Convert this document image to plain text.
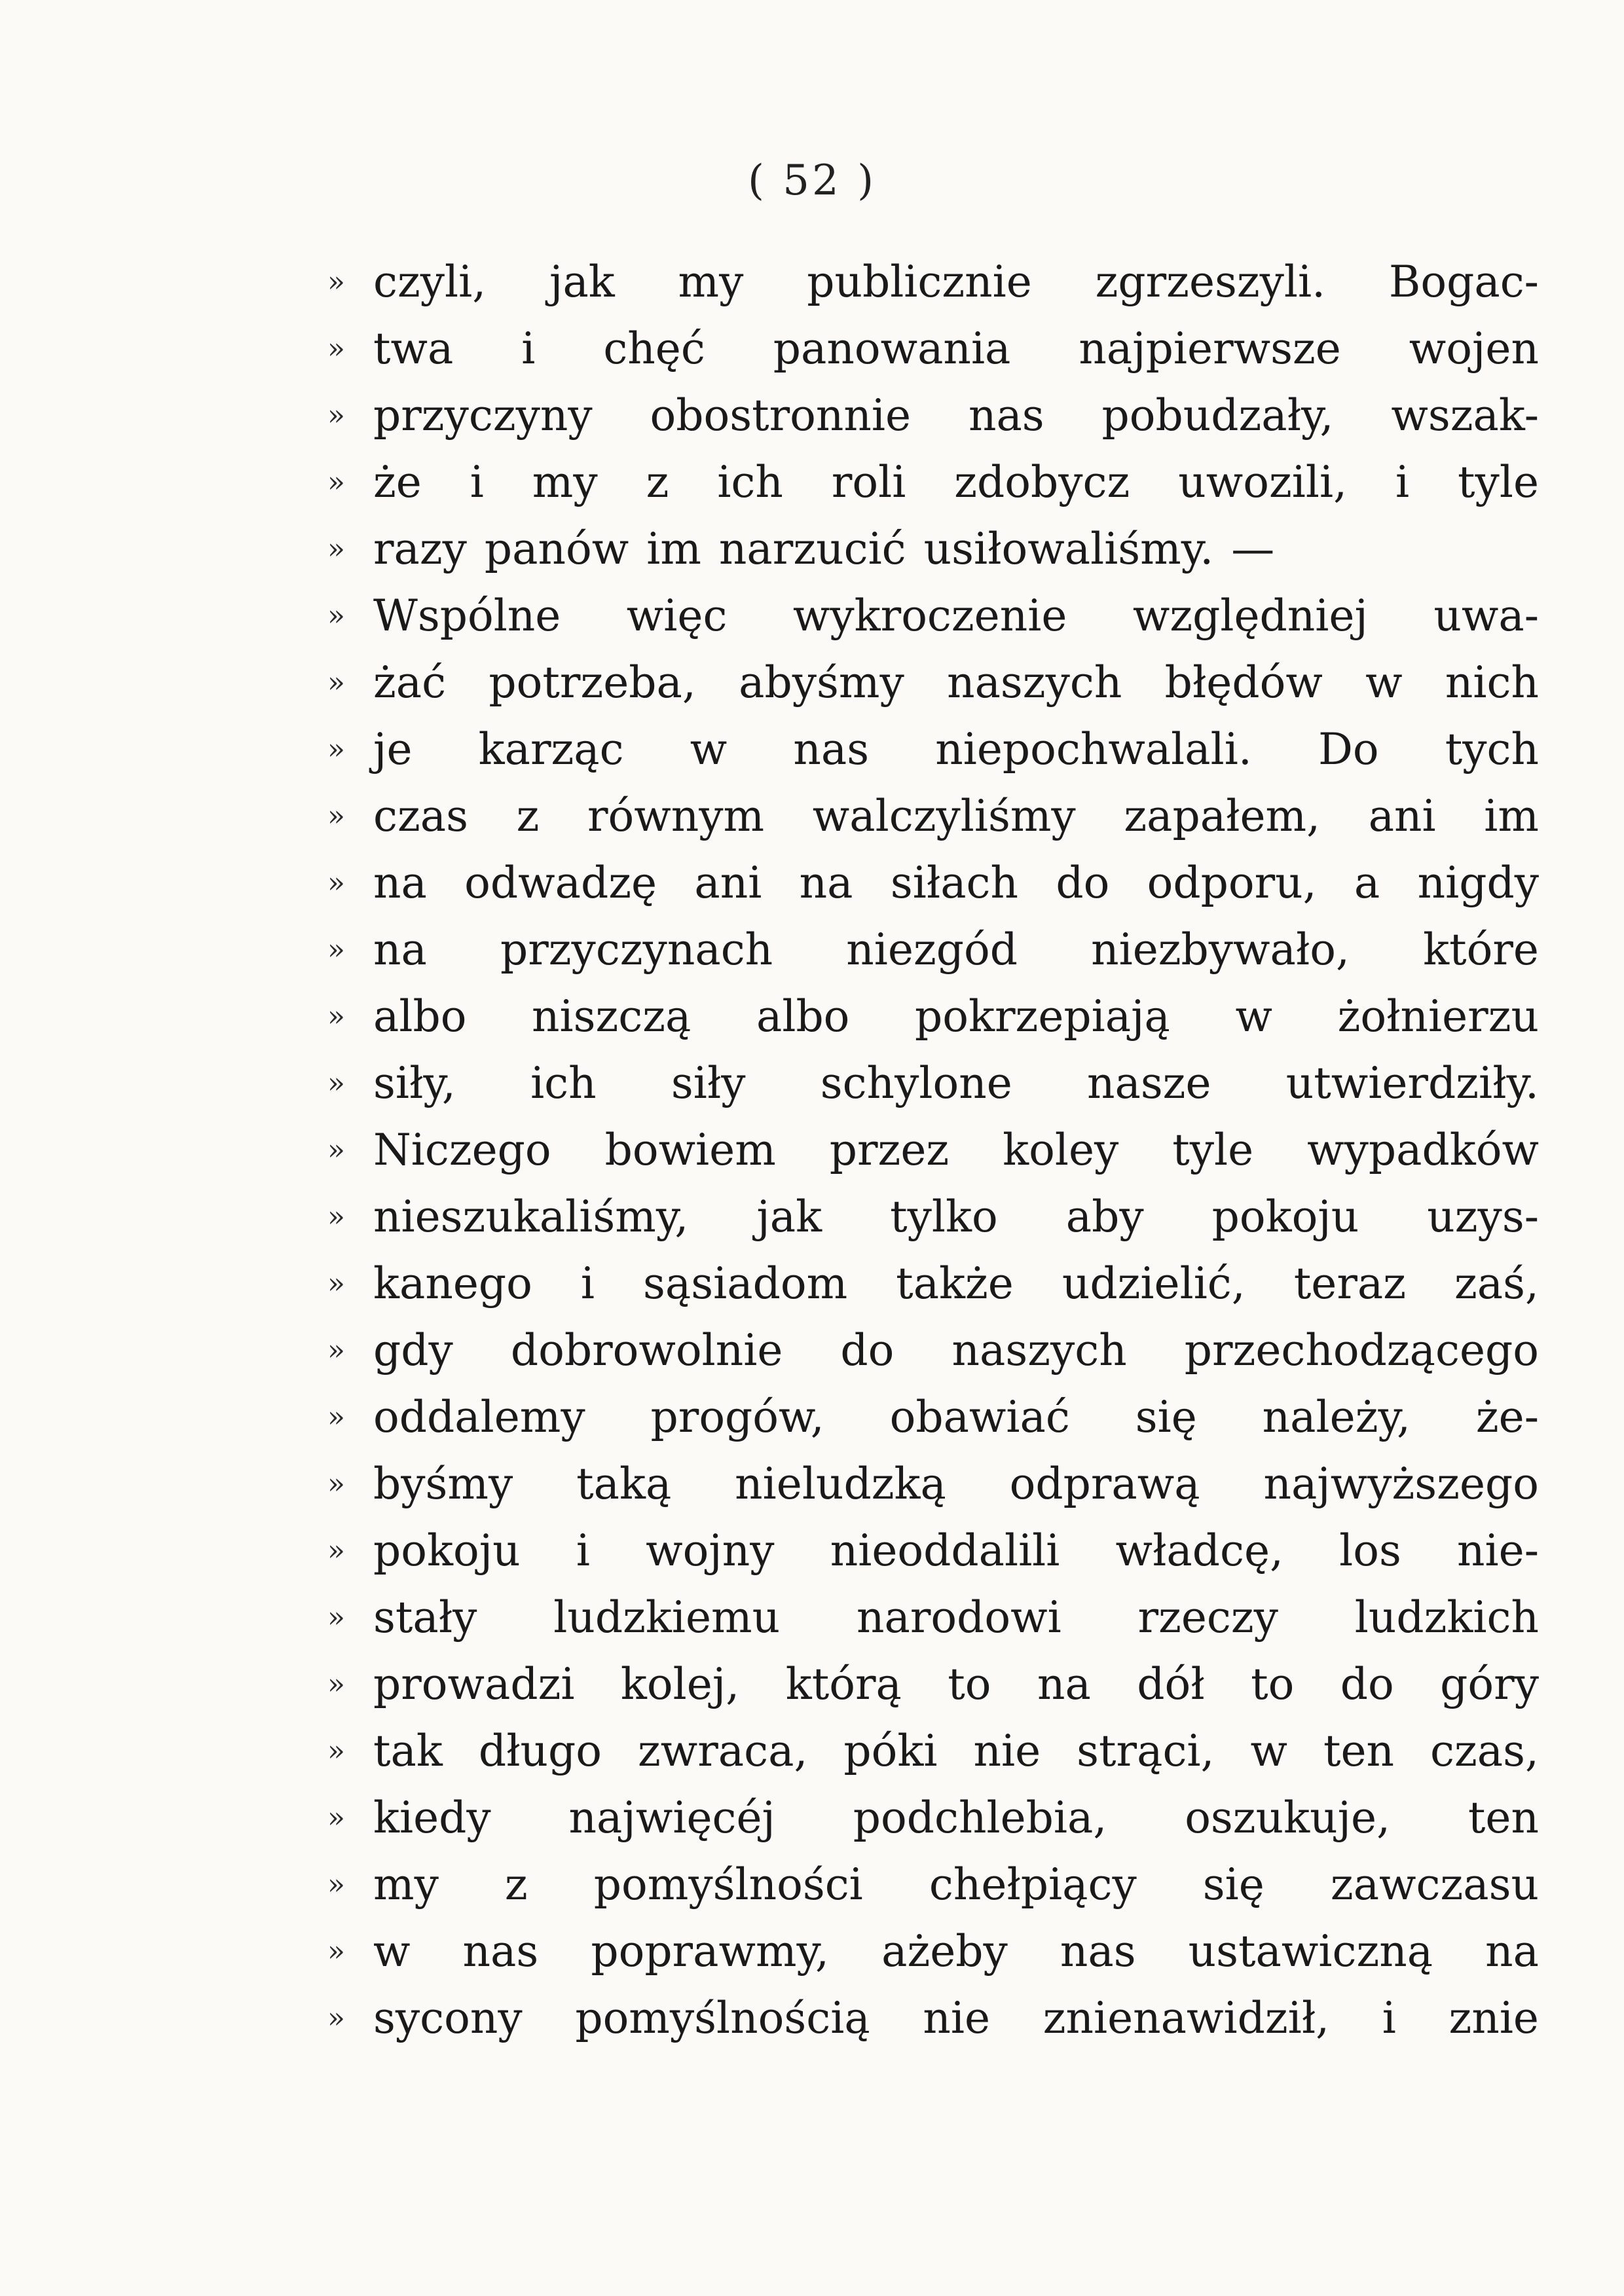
( 52 )
» czyli, jak my publicznie zgrzeszyli. Bogac-
» twa i chęć panowania najpierwsze wojen
» przyczyny obostronnie nas pobudzały, wszak-
» że i my z ich roli zdobycz uwozili, i tyle
» razy panów im narzucić usiłowaliśmy. —
» Wspólne więc wykroczenie względniej uwa-
» żać potrzeba, abyśmy naszych błędów w nich
» je karząc w nas niepochwalali. Do tych
» czas z równym walczyliśmy zapałem, ani im
» na odwadzę ani na siłach do odporu, a nigdy
» na przyczynach niezgód niezbywało, które
» albo niszczą albo pokrzepiają w żołnierzu
» siły, ich siły schylone nasze utwierdziły.
» Niczego bowiem przez koley tyle wypadków
» nieszukaliśmy, jak tylko aby pokoju uzys-
» kanego i sąsiadom także udzielić, teraz zaś,
» gdy dobrowolnie do naszych przechodzącego
» oddalemy progów, obawiać się należy, że-
» byśmy taką nieludzką odprawą najwyższego
» pokoju i wojny nieoddalili władcę, los nie-
» stały ludzkiemu narodowi rzeczy ludzkich
» prowadzi kolej, którą to na dół to do góry
» tak długo zwraca, póki nie strąci, w ten czas,
» kiedy najwięcéj podchlebia, oszukuje, ten
» my z pomyślności chełpiący się zawczasu
» w nas poprawmy, ażeby nas ustawiczną na
» sycony pomyślnością nie znienawidził, i znie
